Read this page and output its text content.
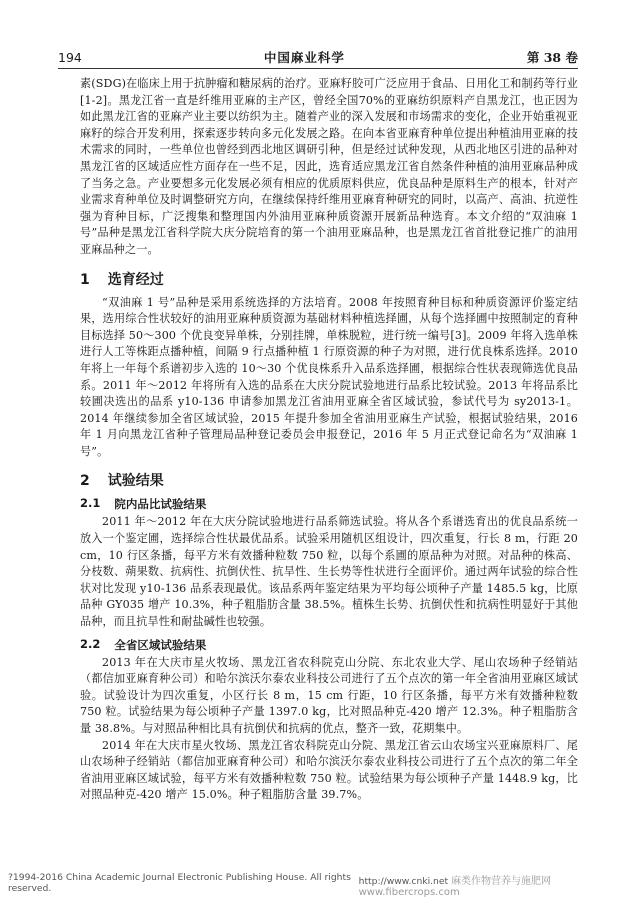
194	中国麻业科学	第 38 卷

素(SDG)在临床上用于抗肿瘤和糖尿病的治疗。亚麻籽胶可广泛应用于食品、日用化工和制药等行业[1-2]。黑龙江省一直是纤维用亚麻的主产区，曾经全国70%的亚麻纺织原料产自黑龙江，也正因为如此黑龙江省的亚麻产业主要以纺织为主。随着产业的深入发展和市场需求的变化，企业开始重视亚麻籽的综合开发利用，探索逐步转向多元化发展之路。在向本省亚麻育种单位提出种植油用亚麻的技术需求的同时，一些单位也曾经到西北地区调研引种，但是经过试种发现，从西北地区引进的品种对黑龙江省的区域适应性方面存在一些不足，因此，选育适应黑龙江省自然条件种植的油用亚麻品种成了当务之急。产业要想多元化发展必须有相应的优质原料供应，优良品种是原料生产的根本，针对产业需求育种单位及时调整研究方向，在继续保持纤维用亚麻育种研究的同时，以高产、高油、抗逆性强为育种目标，广泛搜集和整理国内外油用亚麻种质资源开展新品种选育。本文介绍的“双油麻 1 号”品种是黑龙江省科学院大庆分院培育的第一个油用亚麻品种，也是黑龙江省首批登记推广的油用亚麻品种之一。

1 选育经过

“双油麻 1 号”品种是采用系统选择的方法培育。2008 年按照育种目标和种质资源评价鉴定结果，选用综合性状较好的油用亚麻种质资源为基础材料种植选择圃，从每个选择圃中按照制定的育种目标选择 50～300 个优良变异单株，分别挂牌，单株脱粒，进行统一编号[3]。2009 年将入选单株进行人工等株距点播种植，间隔 9 行点播种植 1 行原资源的种子为对照，进行优良株系选择。2010 年将上一年每个系谱初步入选的 10～30 个优良株系升入品系选择圃，根据综合性状表现筛选优良品系。2011 年～2012 年将所有入选的品系在大庆分院试验地进行品系比较试验。2013 年将品系比较圃决选出的品系 y10-136 申请参加黑龙江省油用亚麻全省区域试验，参试代号为 sy2013-1。2014 年继续参加全省区域试验，2015 年提升参加全省油用亚麻生产试验，根据试验结果，2016 年 1 月向黑龙江省种子管理局品种登记委员会申报登记，2016 年 5 月正式登记命名为“双油麻 1 号”。

2 试验结果
2.1 院内品比试验结果

2011 年～2012 年在大庆分院试验地进行品系筛选试验。将从各个系谱选育出的优良品系统一放入一个鉴定圃，选择综合性状最优品系。试验采用随机区组设计，四次重复，行长 8 m，行距 20 cm，10 行区条播，每平方米有效播种粒数 750 粒，以每个系圃的原品种为对照。对品种的株高、分枝数、蒴果数、抗病性、抗倒伏性、抗旱性、生长势等性状进行全面评价。通过两年试验的综合性状对比发现 y10-136 品系表现最优。该品系两年鉴定结果为平均每公顷种子产量 1485.5 kg，比原品种 GY035 增产 10.3%，种子粗脂肪含量 38.5%。植株生长势、抗倒伏性和抗病性明显好于其他品种，而且抗旱性和耐盐碱性也较强。

2.2 全省区域试验结果

2013 年在大庆市星火牧场、黑龙江省农科院克山分院、东北农业大学、尾山农场种子经销站（都信加亚麻育种公司）和哈尔滨沃尔泰农业科技公司进行了五个点次的第一年全省油用亚麻区域试验。试验设计为四次重复，小区行长 8 m，15 cm 行距，10 行区条播，每平方米有效播种粒数 750 粒。试验结果为每公顷种子产量 1397.0 kg，比对照品种克-420 增产 12.3%。种子粗脂肪含量 38.8%。与对照品种相比具有抗倒伏和抗病的优点，整齐一致，花期集中。

2014 年在大庆市星火牧场、黑龙江省农科院克山分院、黑龙江省云山农场宝兴亚麻原料厂、尾山农场种子经销站（都信加亚麻育种公司）和哈尔滨沃尔泰农业科技公司进行了五个点次的第二年全省油用亚麻区域试验，每平方米有效播种粒数 750 粒。试验结果为每公顷种子产量 1448.9 kg，比对照品种克-420 增产 15.0%。种子粗脂肪含量 39.7%。

?1994-2016 China Academic Journal Electronic Publishing House. All rights reserved.
http://www.cnki.net 麻类作物营养与施肥网 www.fibercrops.com
